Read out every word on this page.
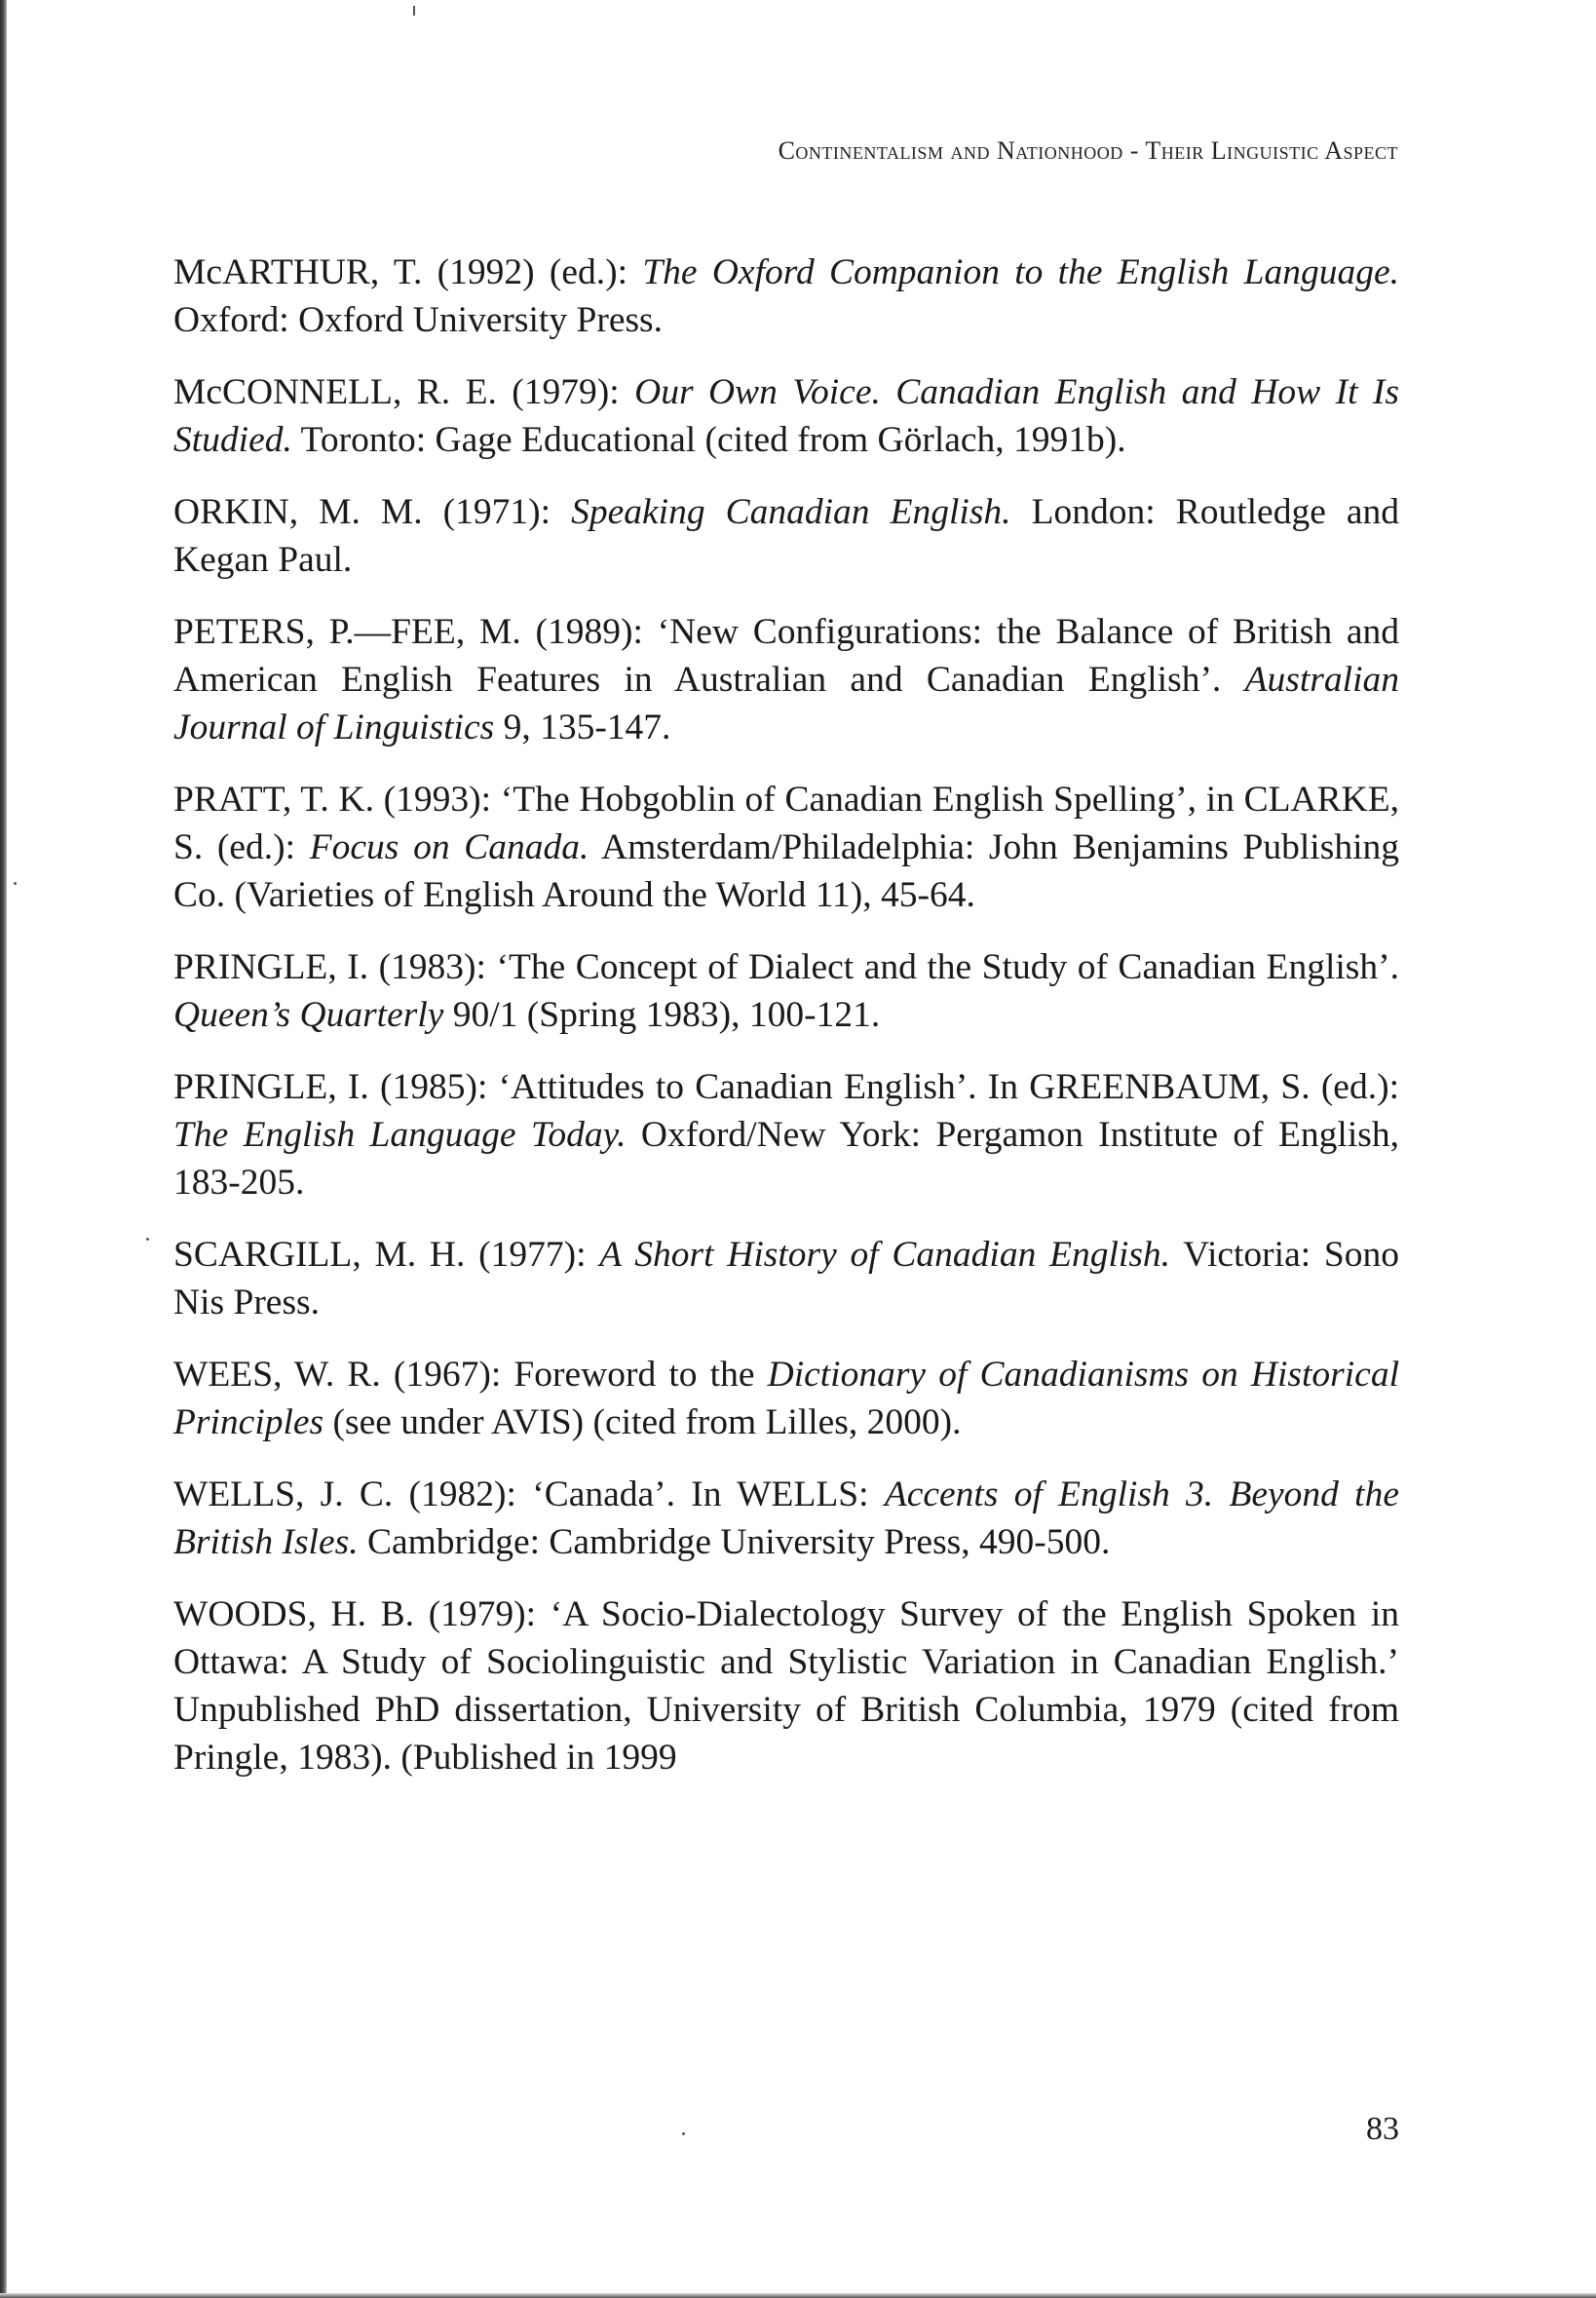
Continentalism and Nationhood - Their Linguistic Aspect
McARTHUR, T. (1992) (ed.): The Oxford Companion to the English Language. Oxford: Oxford University Press.
McCONNELL, R. E. (1979): Our Own Voice. Canadian English and How It Is Studied. Toronto: Gage Educational (cited from Görlach, 1991b).
ORKIN, M. M. (1971): Speaking Canadian English. London: Routledge and Kegan Paul.
PETERS, P.—FEE, M. (1989): ‘New Configurations: the Balance of British and American English Features in Australian and Canadian English’. Australian Journal of Linguistics 9, 135-147.
PRATT, T. K. (1993): ‘The Hobgoblin of Canadian English Spelling’, in CLARKE, S. (ed.): Focus on Canada. Amsterdam/Philadelphia: John Benjamins Publishing Co. (Varieties of English Around the World 11), 45-64.
PRINGLE, I. (1983): ‘The Concept of Dialect and the Study of Canadian English’. Queen’s Quarterly 90/1 (Spring 1983), 100-121.
PRINGLE, I. (1985): ‘Attitudes to Canadian English’. In GREENBAUM, S. (ed.): The English Language Today. Oxford/New York: Pergamon Institute of English, 183-205.
SCARGILL, M. H. (1977): A Short History of Canadian English. Victoria: Sono Nis Press.
WEES, W. R. (1967): Foreword to the Dictionary of Canadianisms on Historical Principles (see under AVIS) (cited from Lilles, 2000).
WELLS, J. C. (1982): ‘Canada’. In WELLS: Accents of English 3. Beyond the British Isles. Cambridge: Cambridge University Press, 490-500.
WOODS, H. B. (1979): ‘A Socio-Dialectology Survey of the English Spoken in Ottawa: A Study of Sociolinguistic and Stylistic Variation in Canadian English.’ Unpublished PhD dissertation, University of British Columbia, 1979 (cited from Pringle, 1983). (Published in 1999
83
